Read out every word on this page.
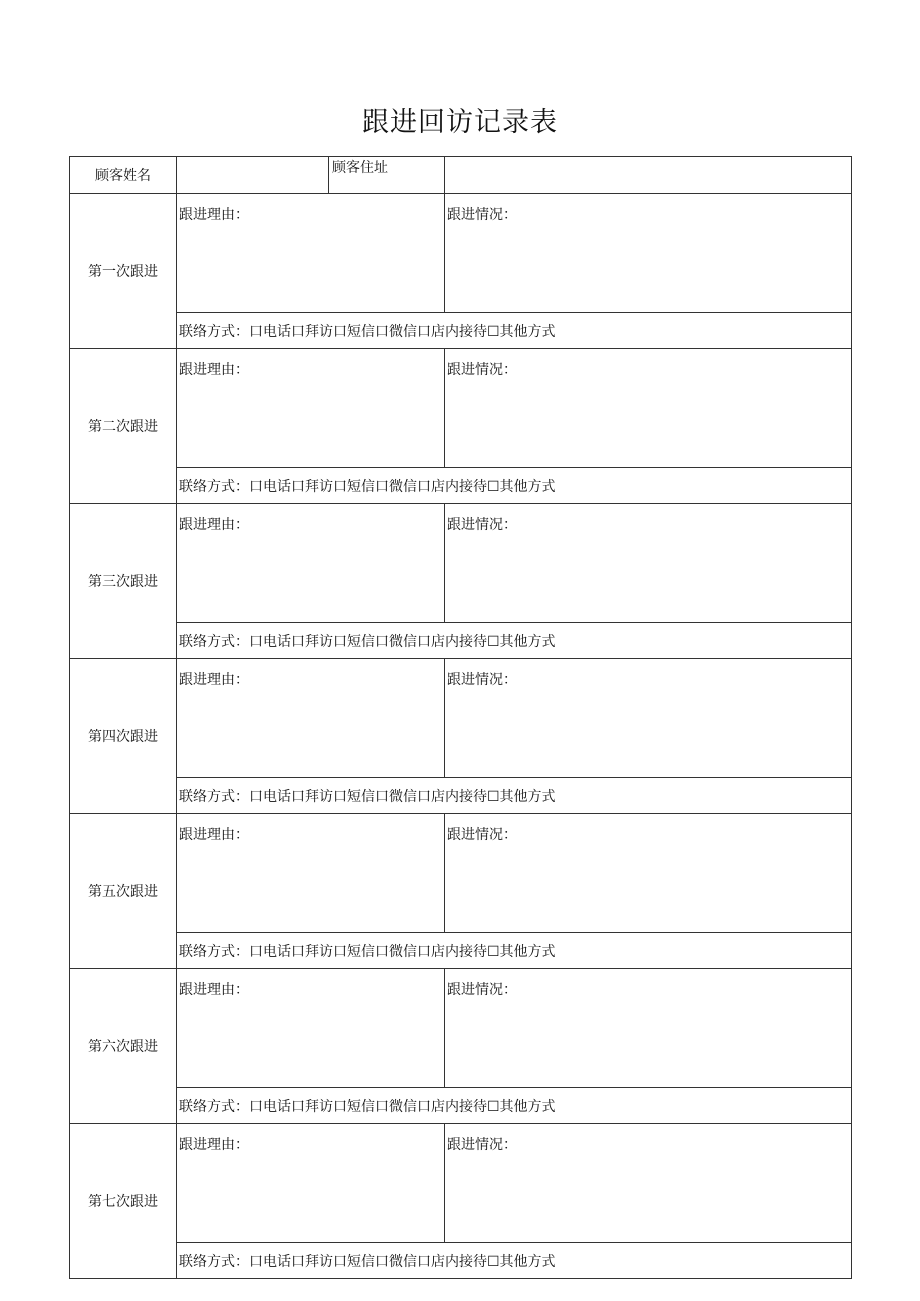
跟进回访记录表
顾客姓名		顾客住址	
第一次跟进	跟进理由：		跟进情况：
	联络方式：口电话口拜访口短信口微信口店内接待☐其他方式		
第二次跟进	跟进理由：		跟进情况：
	联络方式：口电话口拜访口短信口微信口店内接待☐其他方式		
第三次跟进	跟进理由：		跟进情况：
	联络方式：口电话口拜访口短信口微信口店内接待☐其他方式		
第四次跟进	跟进理由：		跟进情况：
	联络方式：口电话口拜访口短信口微信口店内接待☐其他方式		
第五次跟进	跟进理由：		跟进情况：
	联络方式：口电话口拜访口短信口微信口店内接待☐其他方式		
第六次跟进	跟进理由：		跟进情况：
	联络方式：口电话口拜访口短信口微信口店内接待☐其他方式		
第七次跟进	跟进理由：		跟进情况：
	联络方式：口电话口拜访口短信口微信口店内接待☐其他方式		
